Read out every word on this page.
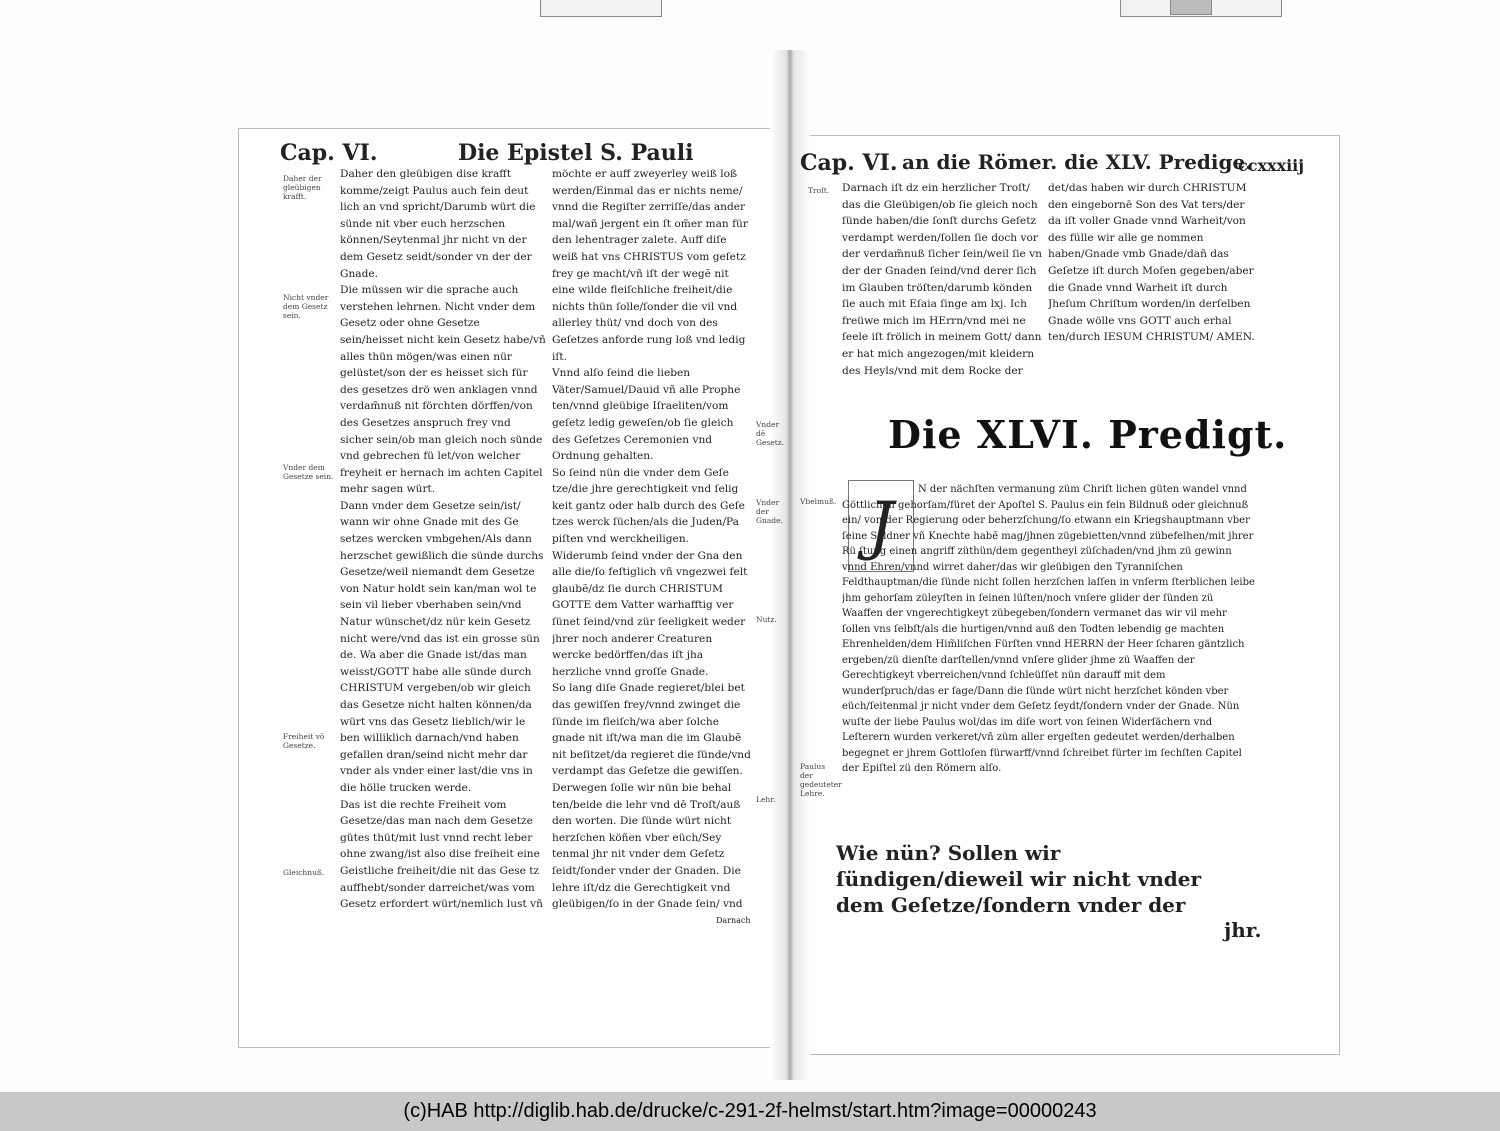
Cap. VI.	Die Epistel S. Pauli
Daher der gleübigen krafft.
Nicht vnder dem Gesetz sein.
Vnder dem Gesetze sein.
Freiheit vō Gesetze.
Gleichnuß.
Vnder dē Gesetz.
Vnder der Gnade.
Nutz.
Lehr.

Daher den gleübigen dise krafft komme/zeigt Paulus auch fein deut lich an vnd spricht/Darumb würt die sünde nit vber euch herzschen können/Seytenmal jhr nicht vn der dem Gesetz seidt/sonder vn der der Gnade.

Die müssen wir die sprache auch verstehen lehrnen. Nicht vnder dem Gesetz oder ohne Gesetze sein/heisset nicht kein Gesetz habe/vñ alles thün mögen/was einen nür gelüstet/son der es heisset sich für des gesetzes drö wen anklagen vnnd verdam̃nuß nit förchten dörffen/von des Gesetzes anspruch frey vnd sicher sein/ob man gleich noch sünde vnd gebrechen fü let/von welcher freyheit er hernach im achten Capitel mehr sagen würt.

Dann vnder dem Gesetze sein/ist/ wann wir ohne Gnade mit des Ge setzes wercken vmbgehen/Als dann herzschet gewißlich die sünde durchs Gesetze/weil niemandt dem Gesetze von Natur holdt sein kan/man wol te sein vil lieber vberhaben sein/vnd Natur wünschet/dz nür kein Gesetz nicht were/vnd das ist ein grosse sün de. Wa aber die Gnade ist/das man weisst/GOTT habe alle sünde durch CHRISTUM vergeben/ob wir gleich das Gesetze nicht halten können/da würt vns das Gesetz lieblich/wir le ben williklich darnach/vnd haben gefallen dran/seind nicht mehr dar vnder als vnder einer last/die vns in die hölle trucken werde.

Das ist die rechte Freiheit vom Gesetze/das man nach dem Gesetze gütes thüt/mit lust vnnd recht leber ohne zwang/ist also dise freiheit eine Geistliche freiheit/die nit das Gese tz auffhebt/sonder darreichet/was vom Gesetz erfordert würt/nemlich lust vñ

möchte er auff zweyerley weiß loß werden/Einmal das er nichts neme/ vnnd die Regiſter zerriſſe/das ander mal/wañ jergent ein ſt om̃er man für den lehentrager zalete. Auff diſe weiß hat vns CHRISTUS vom geſetz frey ge macht/vñ iſt der wegẽ nit eine wilde fleiſchliche freiheit/die nichts thün ſolle/ſonder die vil vnd allerley thüt/ vnd doch von des Geſetzes anforde rung loß vnd ledig iſt.

Vnnd alſo ſeind die lieben Väter/Samuel/Dauid vñ alle Prophe ten/vnnd gleübige Iſraeliten/vom geſetz ledig geweſen/ob ſie gleich des Geſetzes Ceremonien vnd Ordnung gehalten.

So ſeind nün die vnder dem Geſe tze/die jhre gerechtigkeit vnd ſelig keit gantz oder halb durch des Geſe tzes werck ſüchen/als die Juden/Pa piſten vnd werckheiligen.

Widerumb ſeind vnder der Gna den alle die/ſo feſtiglich vñ vngezwei felt glaubẽ/dz ſie durch CHRISTUM GOTTE dem Vatter warhafftig ver ſünet ſeind/vnd zür ſeeligkeit weder jhrer noch anderer Creaturen wercke bedörffen/das iſt jha herzliche vnnd groſſe Gnade.

So lang diſe Gnade regieret/blei bet das gewiſſen frey/vnnd zwinget die ſünde im fleiſch/wa aber ſolche gnade nit iſt/wa man die im Glaubẽ nit beſitzet/da regieret die ſünde/vnd verdampt das Geſetze die gewiſſen.

Derwegen ſolle wir nün bie behal ten/beide die lehr vnd dē Troſt/auß den worten. Die ſünde würt nicht herzſchen köñen vber eüch/Sey tenmal jhr nit vnder dem Geſetz ſeidt/ſonder vnder der Gnaden. Die lehre iſt/dz die Gerechtigkeit vnd gleübigen/ſo in der Gnade ſein/ vnd

Darnach
Cap. VI. an die Römer. die XLV. Predige.
ccxxxiij
Troſt.
Vbelmuß.
Paulus der gedeuteter Lehre.

Darnach iſt dz ein herzlicher Troſt/ das die Gleübigen/ob ſie gleich noch ſünde haben/die ſonſt durchs Geſetz verdampt werden/ſollen ſie doch vor der verdam̃nuß ſicher ſein/weil ſie vn der der Gnaden ſeind/vnd derer ſich im Glauben tröſten/darumb könden ſie auch mit Eſaia ſinge am lxj. Ich freüwe mich im HErrn/vnd mei ne ſeele iſt frölich in meinem Gott/ dann er hat mich angezogen/mit kleidern des Heyls/vnd mit dem Rocke der

det/das haben wir durch CHRISTUM den eingebornē Son des Vat ters/der da iſt voller Gnade vnnd Warheit/von des fülle wir alle ge nommen haben/Gnade vmb Gnade/dañ das Geſetze iſt durch Moſen gegeben/aber die Gnade vnnd Warheit iſt durch Jheſum Chriſtum worden/in derſelben Gnade wölle vns GOTT auch erhal ten/durch IESUM CHRISTUM/ AMEN.

Die XLVI. Predigt.
J	N der nächſten vermanung züm Chriſt lichen güten wandel vnnd Göttlichen gehorſam/füret der Apoſtel S. Paulus ein fein Bildnuß oder gleichnuß ein/ von der Regierung oder beherzſchung/ſo etwann ein Kriegshauptmann vber ſeine Soldner vñ Knechte habē mag/jhnen zügebietten/vnnd zübefelhen/mit jhrer Rü ſtung einen angriff züthün/dem gegentheyl züſchaden/vnd jhm zü gewinn vnnd Ehren/vnnd wirret daher/das wir gleübigen den Tyranniſchen Feldthauptman/die ſünde nicht ſollen herzſchen laſſen in vnſerm ſterblichen leibe jhm gehorſam züleyſten in ſeinen lüſten/noch vnſere glider der ſünden zü Waaffen der vngerechtigkeyt zübegeben/ſondern vermanet das wir vil mehr ſollen vns ſelbſt/als die hurtigen/vnnd auß den Todten lebendig ge machten Ehrenhelden/dem Him̃liſchen Fürſten vnnd HERRN der Heer ſcharen gäntzlich ergeben/zü dienſte darſtellen/vnnd vnſere glider jhme zü Waaffen der Gerechtigkeyt vberreichen/vnnd ſchleüſſet nün darauff mit dem wunderſpruch/das er ſage/Dann die ſünde würt nicht herzſchet könden vber eüch/ſeitenmal jr nicht vnder dem Geſetz ſeydt/ſondern vnder der Gnade. Nün wuſte der liebe Paulus wol/das im diſe wort von ſeinen Widerſächern vnd Leſterern wurden verkeret/vñ züm aller ergeſten gedeutet werden/derhalben begegnet er jhrem Gottloſen fürwarff/vnnd ſchreibet fürter im ſechſten Capitel der Epiſtel zü den Römern alſo.

Wie nün? Sollen wir ſündigen/dieweil wir nicht vnder dem Geſetze/ſondern vnder der

jhr.
(c)HAB http://diglib.hab.de/drucke/c-291-2f-helmst/start.htm?image=00000243
